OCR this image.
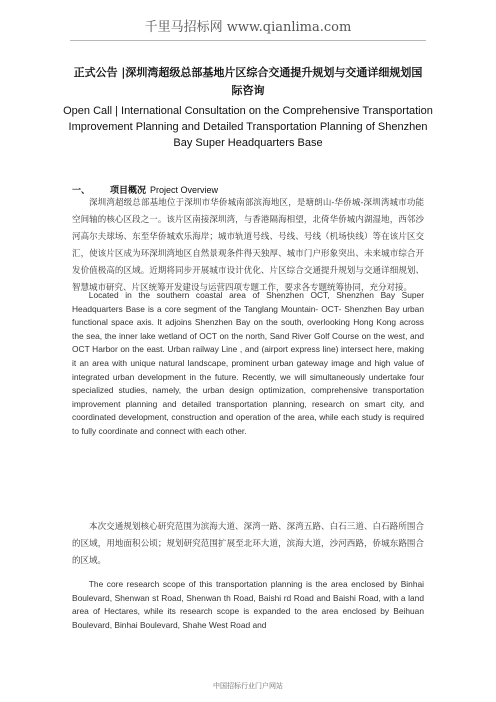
千里马招标网 www.qianlima.com
正式公告 |深圳湾超级总部基地片区综合交通提升规划与交通详细规划国际咨询
Open Call | International Consultation on the Comprehensive Transportation Improvement Planning and Detailed Transportation Planning of Shenzhen Bay Super Headquarters Base
一、 项目概况 Project Overview
深圳湾超级总部基地位于深圳市华侨城南部滨海地区，是塘朗山-华侨城-深圳湾城市功能空间轴的核心区段之一。该片区南接深圳湾，与香港隔海相望，北倚华侨城内湖湿地，西邻沙河高尔夫球场、东至华侨城欢乐海岸；城市轨道号线、号线、号线（机场快线）等在该片区交汇，使该片区成为环深圳湾地区自然景观条件得天独厚、城市门户形象突出、未来城市综合开发价值极高的区域。近期将同步开展城市设计优化、片区综合交通提升规划与交通详细规划、智慧城市研究、片区统筹开发建设与运营四项专题工作，要求各专题统筹协同，充分对接。
Located in the southern coastal area of Shenzhen OCT, Shenzhen Bay Super Headquarters Base is a core segment of the Tanglang Mountain- OCT- Shenzhen Bay urban functional space axis. It adjoins Shenzhen Bay on the south, overlooking Hong Kong across the sea, the inner lake wetland of OCT on the north, Sand River Golf Course on the west, and OCT Harbor on the east. Urban railway Line , and (airport express line) intersect here, making it an area with unique natural landscape, prominent urban gateway image and high value of integrated urban development in the future. Recently, we will simultaneously undertake four specialized studies, namely, the urban design optimization, comprehensive transportation improvement planning and detailed transportation planning, research on smart city, and coordinated development, construction and operation of the area, while each study is required to fully coordinate and connect with each other.
本次交通规划核心研究范围为滨海大道、深湾一路、深湾五路、白石三道、白石路所围合的区域，用地面积公顷；规划研究范围扩展至北环大道，滨海大道，沙河西路，侨城东路围合的区域。
The core research scope of this transportation planning is the area enclosed by Binhai Boulevard, Shenwan st Road, Shenwan th Road, Baishi rd Road and Baishi Road, with a land area of Hectares, while its research scope is expanded to the area enclosed by Beihuan Boulevard, Binhai Boulevard, Shahe West Road and
中国招标行业门户网站
